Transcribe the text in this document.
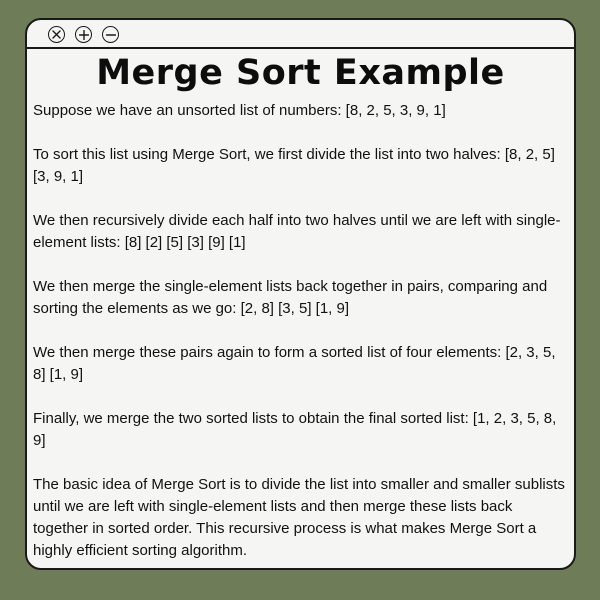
Merge Sort Example

Suppose we have an unsorted list of numbers: [8, 2, 5, 3, 9, 1]

To sort this list using Merge Sort, we first divide the list into two halves: [8, 2, 5] [3, 9, 1]

We then recursively divide each half into two halves until we are left with single-element lists: [8] [2] [5] [3] [9] [1]

We then merge the single-element lists back together in pairs, comparing and sorting the elements as we go: [2, 8] [3, 5] [1, 9]

We then merge these pairs again to form a sorted list of four elements: [2, 3, 5, 8] [1, 9]

Finally, we merge the two sorted lists to obtain the final sorted list: [1, 2, 3, 5, 8, 9]

The basic idea of Merge Sort is to divide the list into smaller and smaller sublists until we are left with single-element lists and then merge these lists back together in sorted order. This recursive process is what makes Merge Sort a highly efficient sorting algorithm.
